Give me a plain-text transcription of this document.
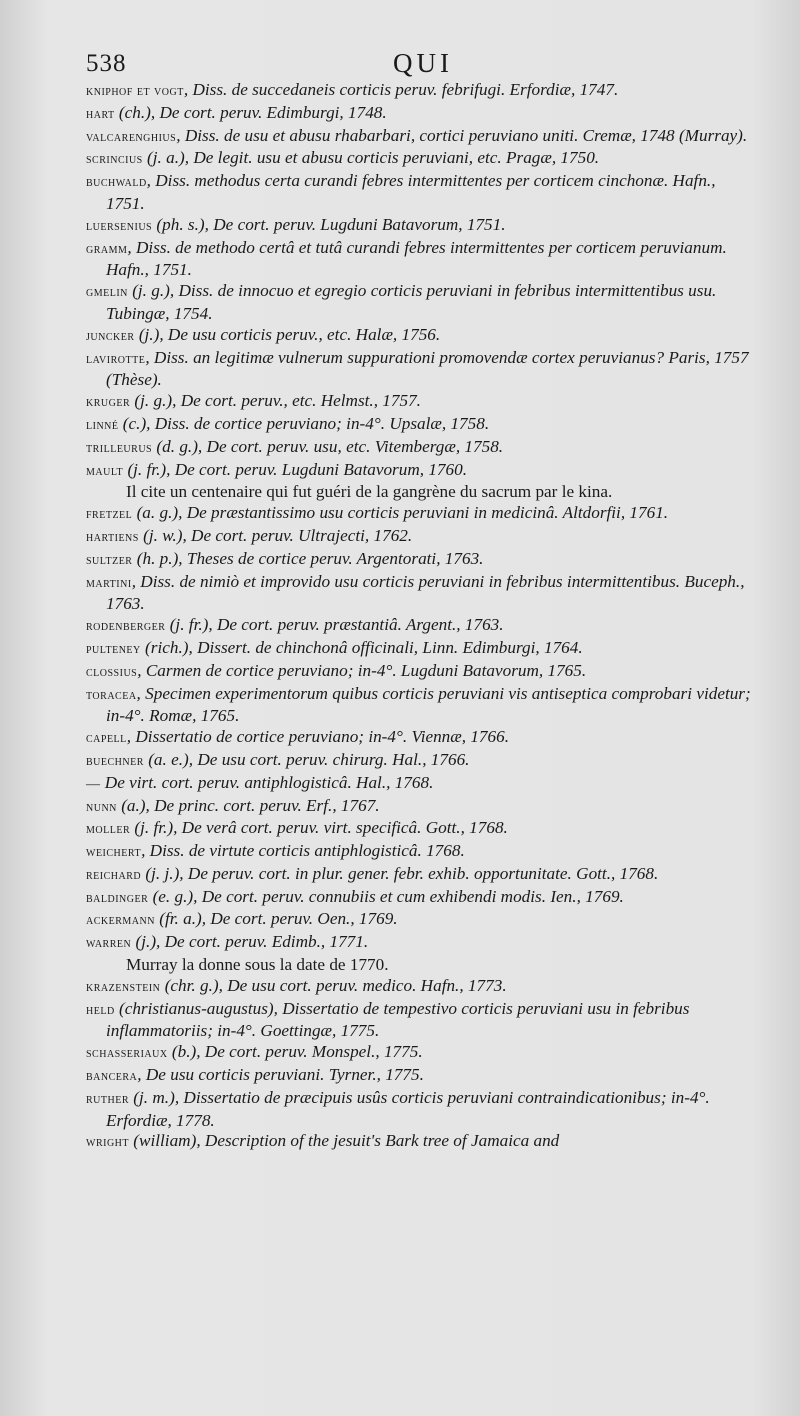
538	QUI

kniphof et vogt, Diss. de succedaneis corticis peruv. febrifugi. Erfordiæ, 1747.

hart (ch.), De cort. peruv. Edimburgi, 1748.

valcarenghius, Diss. de usu et abusu rhabarbari, cortici peruviano uniti. Cremæ, 1748 (Murray).

scrincius (j. a.), De legit. usu et abusu corticis peruviani, etc. Pragæ, 1750.

buchwald, Diss. methodus certa curandi febres intermittentes per corticem cinchonæ. Hafn., 1751.

luersenius (ph. s.), De cort. peruv. Lugduni Batavorum, 1751.

gramm, Diss. de methodo certâ et tutâ curandi febres intermittentes per corticem peruvianum. Hafn., 1751.

gmelin (j. g.), Diss. de innocuo et egregio corticis peruviani in febribus intermittentibus usu. Tubingæ, 1754.

juncker (j.), De usu corticis peruv., etc. Halæ, 1756.

lavirotte, Diss. an legitimæ vulnerum suppurationi promovendæ cortex peruvianus? Paris, 1757 (Thèse).

kruger (j. g.), De cort. peruv., etc. Helmst., 1757.

linné (c.), Diss. de cortice peruviano; in-4°. Upsalæ, 1758.

trilleurus (d. g.), De cort. peruv. usu, etc. Vitembergæ, 1758.

mault (j. fr.), De cort. peruv. Lugduni Batavorum, 1760.

Il cite un centenaire qui fut guéri de la gangrène du sacrum par le kina.

fretzel (a. g.), De præstantissimo usu corticis peruviani in medicinâ. Altdorfii, 1761.

hartiens (j. w.), De cort. peruv. Ultrajecti, 1762.

sultzer (h. p.), Theses de cortice peruv. Argentorati, 1763.

martini, Diss. de nimiò et improvido usu corticis peruviani in febribus intermittentibus. Buceph., 1763.

rodenberger (j. fr.), De cort. peruv. præstantiâ. Argent., 1763.

pulteney (rich.), Dissert. de chinchonâ officinali, Linn. Edimburgi, 1764.

clossius, Carmen de cortice peruviano; in-4°. Lugduni Batavorum, 1765.

toracea, Specimen experimentorum quibus corticis peruviani vis antiseptica comprobari videtur; in-4°. Romæ, 1765.

capell, Dissertatio de cortice peruviano; in-4°. Viennæ, 1766.

buechner (a. e.), De usu cort. peruv. chirurg. Hal., 1766.

— De virt. cort. peruv. antiphlogisticâ. Hal., 1768.

nunn (a.), De princ. cort. peruv. Erf., 1767.

moller (j. fr.), De verâ cort. peruv. virt. specificâ. Gott., 1768.

weichert, Diss. de virtute corticis antiphlogisticâ. 1768.

reichard (j. j.), De peruv. cort. in plur. gener. febr. exhib. opportunitate. Gott., 1768.

baldinger (e. g.), De cort. peruv. connubiis et cum exhibendi modis. Ien., 1769.

ackermann (fr. a.), De cort. peruv. Oen., 1769.

warren (j.), De cort. peruv. Edimb., 1771.

Murray la donne sous la date de 1770.

krazenstein (chr. g.), De usu cort. peruv. medico. Hafn., 1773.

held (christianus-augustus), Dissertatio de tempestivo corticis peruviani usu in febribus inflammatoriis; in-4°. Goettingæ, 1775.

schasseriaux (b.), De cort. peruv. Monspel., 1775.

bancera, De usu corticis peruviani. Tyrner., 1775.

ruther (j. m.), Dissertatio de præcipuis usûs corticis peruviani contraindicationibus; in-4°. Erfordiæ, 1778.

wright (william), Description of the jesuit's Bark tree of Jamaica and
